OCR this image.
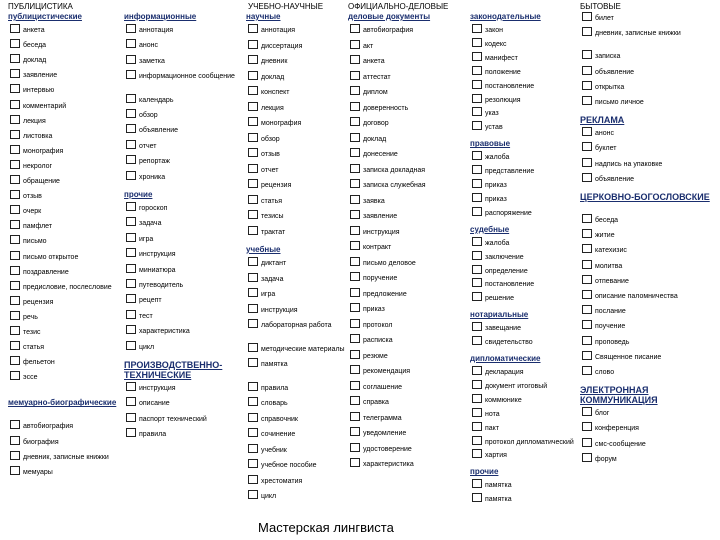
ПУБЛИЦИСТИКА	УЧЕБНО-НАУЧНЫЕ	ОФИЦИАЛЬНО-ДЕЛОВЫЕ	БЫТОВЫЕ
публицистические
анкета
беседа
доклад
заявление
интервью
комментарий
лекция
листовка
монография
некролог
обращение
отзыв
очерк
памфлет
письмо
письмо открытое
поздравление
предисловие, послесловие
рецензия
речь
тезис
статья
фельетон
эссе
мемуарно-биографические
автобиография
биография
дневник, записные книжки
мемуары
информационные
аннотация
анонс
заметка
информационное сообщение
календарь
обзор
объявление
отчет
репортаж
хроника
прочие
гороскоп
задача
игра
инструкция
миниатюра
путеводитель
рецепт
тест
характеристика
цикл
ПРОИЗВОДСТВЕННО-ТЕХНИЧЕСКИЕ
инструкция
описание
паспорт технический
правила
научные
аннотация
диссертация
дневник
доклад
конспект
лекция
монография
обзор
отзыв
отчет
рецензия
статья
тезисы
трактат
учебные
диктант
задача
игра
инструкция
лабораторная работа
методические материалы
памятка
правила
словарь
справочник
сочинение
учебник
учебное пособие
хрестоматия
цикл
деловые документы
автобиография
акт
анкета
аттестат
диплом
доверенность
договор
доклад
донесение
записка докладная
записка служебная
заявка
заявление
инструкция
контракт
письмо деловое
поручение
предложение
приказ
протокол
расписка
резюме
рекомендация
соглашение
справка
телеграмма
уведомление
удостоверение
характеристика
законодательные
закон
кодекс
манифест
положение
постановление
резолюция
указ
устав
правовые
жалоба
представление
приказ
приказ
распоряжение
судебные
жалоба
заключение
определение
постановление
решение
нотариальные
завещание
свидетельство
дипломатические
декларация
документ итоговый
коммюнике
нота
пакт
протокол дипломатический
хартия
прочие
памятка
памятка
билет
дневник, записные книжки
записка
объявление
открытка
письмо личное
РЕКЛАМА
анонс
буклет
надпись на упаковке
объявление
ЦЕРКОВНО-БОГОСЛОВСКИЕ
беседа
житие
катехизис
молитва
отпевание
описание паломничества
послание
поучение
проповедь
Священное писание
слово
ЭЛЕКТРОННАЯ КОММУНИКАЦИЯ
блог
конференция
смс-сообщение
форум
Мастерская лингвиста
